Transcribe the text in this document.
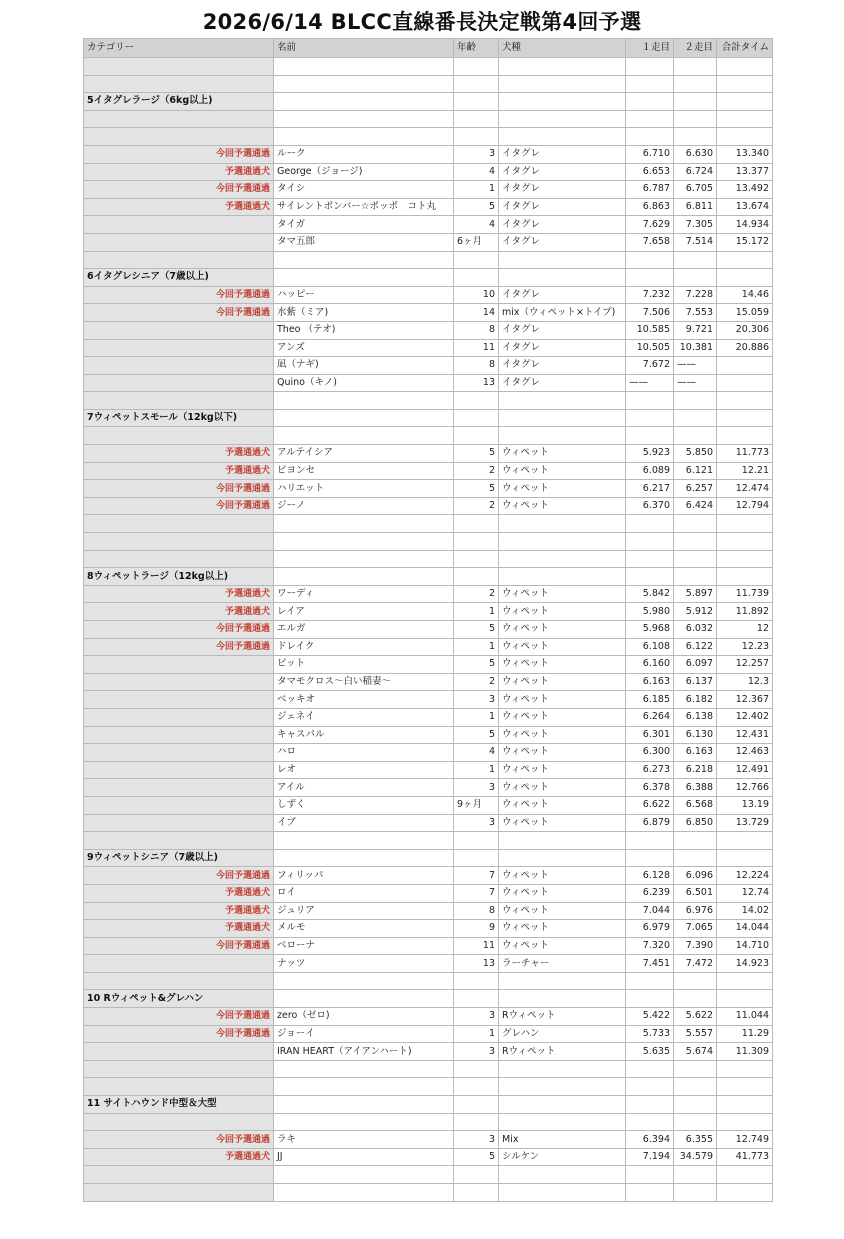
2026/6/14 BLCC直線番長決定戦第4回予選
カテゴリー	名前	年齢	犬種	１走目	２走目	合計タイム

5イタグレラージ（6kg以上)						

今回予選通過	ルーク	3	イタグレ	6.710	6.630	13.340
予選通過犬	George（ジョージ)	4	イタグレ	6.653	6.724	13.377
今回予選通過	タイシ	1	イタグレ	6.787	6.705	13.492
予選通過犬	サイレントボンバー☆ポッポ　コト丸	5	イタグレ	6.863	6.811	13.674
	タイガ	4	イタグレ	7.629	7.305	14.934
	タマ五郎	6ヶ月	イタグレ	7.658	7.514	15.172

6イタグレシニア（7歳以上)						
今回予選通過	ハッピー	10	イタグレ	7.232	7.228	14.46
今回予選通過	水紫（ミア)	14	mix（ウィペット×トイプ)	7.506	7.553	15.059
	Theo （テオ)	8	イタグレ	10.585	9.721	20.306
	アンズ	11	イタグレ	10.505	10.381	20.886
	凪（ナギ)	8	イタグレ	7.672	——	
	Quino（キノ)	13	イタグレ	——	——	

7ウィペットスモール（12kg以下)						

予選通過犬	アルテイシア	5	ウィペット	5.923	5.850	11.773
予選通過犬	ビヨンセ	2	ウィペット	6.089	6.121	12.21
今回予選通過	ハリエット	5	ウィペット	6.217	6.257	12.474
今回予選通過	ジーノ	2	ウィペット	6.370	6.424	12.794

8ウィペットラージ（12kg以上)						
予選通過犬	ワーディ	2	ウィペット	5.842	5.897	11.739
予選通過犬	レイア	1	ウィペット	5.980	5.912	11.892
今回予選通過	エルガ	5	ウィペット	5.968	6.032	12
今回予選通過	ドレイク	1	ウィペット	6.108	6.122	12.23
	ピット	5	ウィペット	6.160	6.097	12.257
	タマモクロス〜白い稲妻〜	2	ウィペット	6.163	6.137	12.3
	ベッキオ	3	ウィペット	6.185	6.182	12.367
	ジェネイ	1	ウィペット	6.264	6.138	12.402
	キャスパル	5	ウィペット	6.301	6.130	12.431
	ハロ	4	ウィペット	6.300	6.163	12.463
	レオ	1	ウィペット	6.273	6.218	12.491
	アイル	3	ウィペット	6.378	6.388	12.766
	しずく	9ヶ月	ウィペット	6.622	6.568	13.19
	イブ	3	ウィペット	6.879	6.850	13.729

9ウィペットシニア（7歳以上)						
今回予選通過	フィリッパ	7	ウィペット	6.128	6.096	12.224
予選通過犬	ロイ	7	ウィペット	6.239	6.501	12.74
予選通過犬	ジュリア	8	ウィペット	7.044	6.976	14.02
予選通過犬	メルモ	9	ウィペット	6.979	7.065	14.044
今回予選通過	ベローナ	11	ウィペット	7.320	7.390	14.710
	ナッツ	13	ラーチャー	7.451	7.472	14.923

10 Rウィペット&グレハン						
今回予選通過	zero（ゼロ)	3	Rウィペット	5.422	5.622	11.044
今回予選通過	ジョーイ	1	グレハン	5.733	5.557	11.29
	IRAN HEART（アイアンハート)	3	Rウィペット	5.635	5.674	11.309

11 サイトハウンド中型＆大型						

今回予選通過	ラキ	3	Mix	6.394	6.355	12.749
予選通過犬	JJ	5	シルケン	7.194	34.579	41.773
